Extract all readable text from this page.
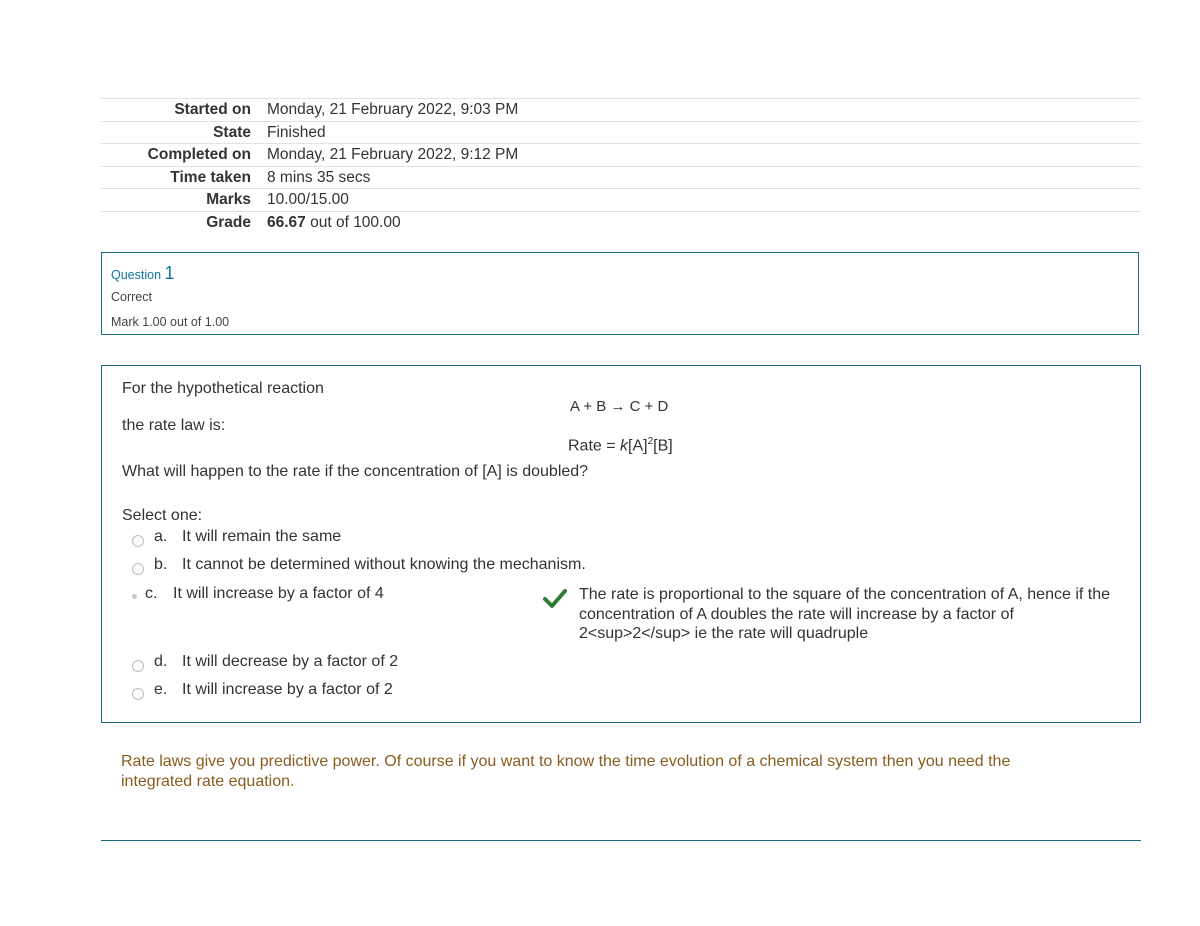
Started on	Monday, 21 February 2022, 9:03 PM
State	Finished
Completed on	Monday, 21 February 2022, 9:12 PM
Time taken	8 mins 35 secs
Marks	10.00/15.00
Grade	66.67 out of 100.00
Question 1
Correct
Mark 1.00 out of 1.00
For the hypothetical reaction
A + B → C + D
the rate law is:
Rate = $k[A]^2[B]$
What will happen to the rate if the concentration of [A] is doubled?
Select one:
a. It will remain the same
b. It cannot be determined without knowing the mechanism.
c. It will increase by a factor of 4	The rate is proportional to the square of the concentration of A, hence if the concentration of A doubles the rate will increase by a factor of 2<sup>2</sup> ie the rate will quadruple
d. It will decrease by a factor of 2
e. It will increase by a factor of 2
Rate laws give you predictive power. Of course if you want to know the time evolution of a chemical system then you need the integrated rate equation.
